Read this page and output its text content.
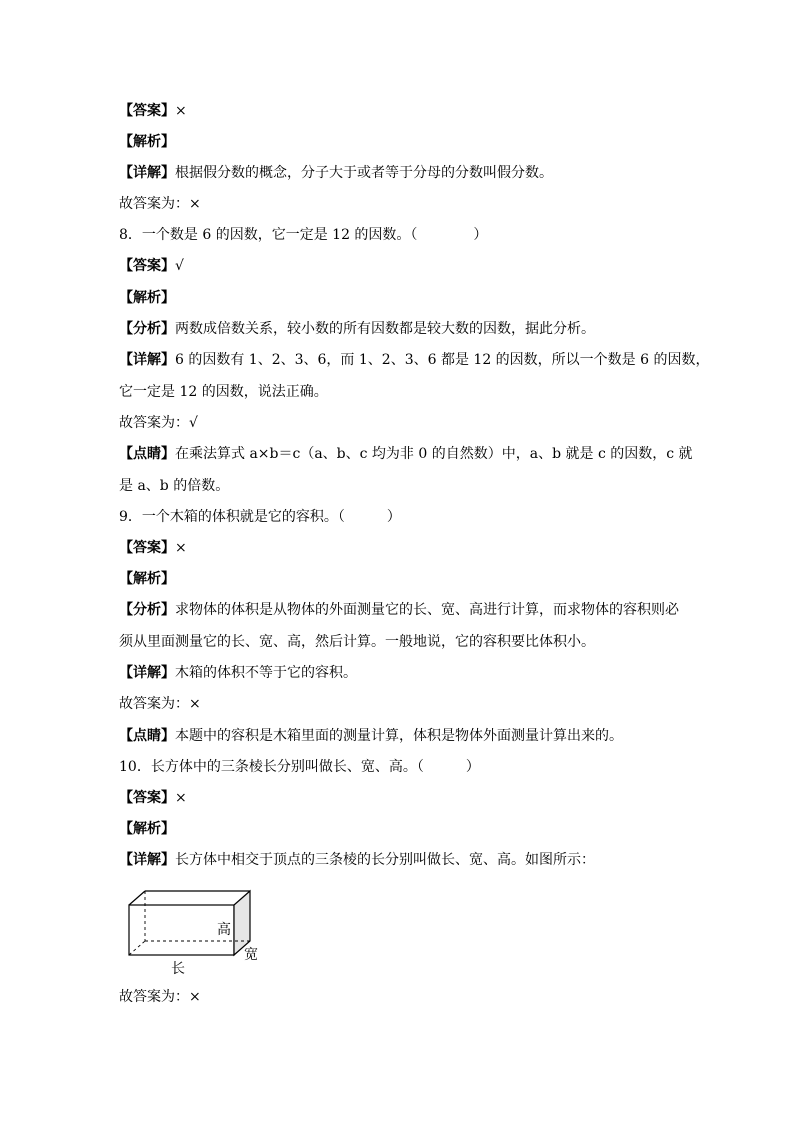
【答案】×
【解析】
【详解】根据假分数的概念，分子大于或者等于分母的分数叫假分数。
故答案为：×
8．一个数是 6 的因数，它一定是 12 的因数。（　　　　）
【答案】√
【解析】
【分析】两数成倍数关系，较小数的所有因数都是较大数的因数，据此分析。
【详解】6 的因数有 1、2、3、6，而 1、2、3、6 都是 12 的因数，所以一个数是 6 的因数，
它一定是 12 的因数，说法正确。
故答案为：√
【点睛】在乘法算式 a×b＝c（a、b、c 均为非 0 的自然数）中，a、b 就是 c 的因数，c 就
是 a、b 的倍数。
9．一个木箱的体积就是它的容积。（　　　）
【答案】×
【解析】
【分析】求物体的体积是从物体的外面测量它的长、宽、高进行计算，而求物体的容积则必
须从里面测量它的长、宽、高，然后计算。一般地说，它的容积要比体积小。
【详解】木箱的体积不等于它的容积。
故答案为：×
【点睛】本题中的容积是木箱里面的测量计算，体积是物体外面测量计算出来的。
10．长方体中的三条棱长分别叫做长、宽、高。（　　　）
【答案】×
【解析】
【详解】长方体中相交于顶点的三条棱的长分别叫做长、宽、高。如图所示：
高
宽
长
故答案为：×
